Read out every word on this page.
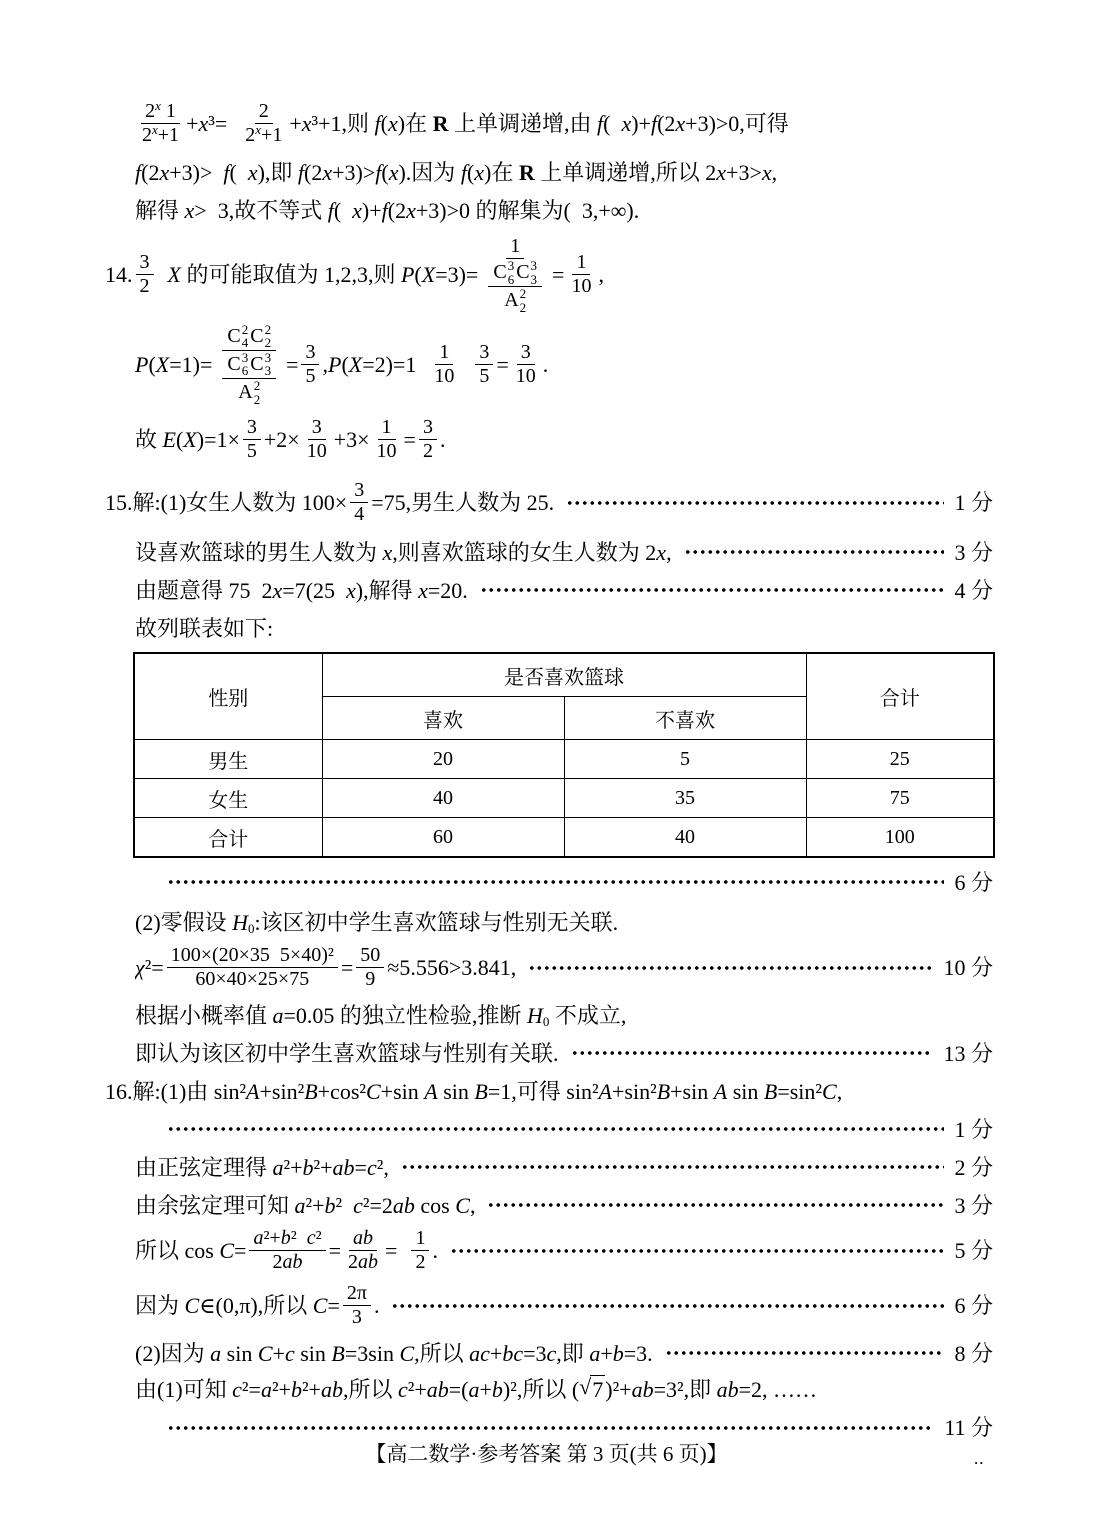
$\frac{2 x 1}{2 x +1} + x$ $^3= \frac{2}{2 x +1} + x$ ³+1,则 f ( x )在 R 上单调递增,由 f ( x )+ f (2 x +3)>0,可得
f (2 x +3)> f ( x ),即 f (2 x +3)> f ( x ).因为 f ( x )在 R 上单调递增,所以 2 x +3> x ,
解得 x >  3,故不等式 f ( x )+ f (2 x +3)>0 的解集为(  3,+∞).
14. $\frac{3}{2}$
X 的可能取值为 1,2,3,则 P ( X =3)= 1
C 3
6 C 3
3
A 2
$2 = \frac{1}{10}$ ,
P ( X =1)= C 2
4 C 2
2
C 3
6 C 3
3
A 2
$2 = \frac{3}{5}$ , P ( $X =2)=1 \frac{1}{10}$
$\frac{3}{5} = \frac{3}{10}$ .
故 E ( X )$=1\times \frac{3}{5} +2\times \frac{3}{10} +3\times \frac{1}{10} = \frac{3}{2}$ .
15.解:(1)女生人数为 $100\times \frac{3}{4} =75$,男生人数为 25.	1 分
设喜欢篮球的男生人数为 x ,则喜欢篮球的女生人数为 2 x ,	3 分
由题意得 75  2 x =7(25 x ),解得 x =20.	4 分
故列联表如下:
性别	是否喜欢篮球		合计
	喜欢	不喜欢	
男生	20	5	25
女生	40	35	75
合计	60	40	100
6 分
(2)零假设 H 0 :该区初中学生喜欢篮球与性别无关联.
χ $^2= \frac{\text{100×(20×35  5×40)²}}{60\times 40\times 25\times 75} = \frac{50}{9} \approx 5.556>3.841$,	10 分
根据小概率值 a =0.05 的独立性检验,推断 H 0 不成立,
即认为该区初中学生喜欢篮球与性别有关联.	13 分
16.解:(1)由 sin² A +sin² B +cos² C +sin A sin B =1,可得 sin² A +sin² B +sin A sin B =sin² C ,
1 分
由正弦定理得 a ²+ b ²+ ab = c ²,	2 分
由余弦定理可知 a ²+ b ² c ²=2 ab cos C ,	3 分
所以 $\cos C = \frac{\text{a ²+ b ² c ²}}{2 ab} = \frac{ab}{2 ab} = \frac{1}{2}$ .	5 分
因为 C ∈(0,π),所以 $C = \frac{2\pi}{3}$ .	6 分
(2)因为 a sin C + c sin B =3sin C ,所以 ac + bc =3 c ,即 a + b =3.	8 分
由(1)可知 c ²= a ²+ b ²+ ab ,所以 c ²+ ab =( a + b )²,所以 ( √ 7 )²+ ab =3²,即 ab =2, ……
11 分
【高二数学·参考答案 第 3 页(共 6 页)】	..
